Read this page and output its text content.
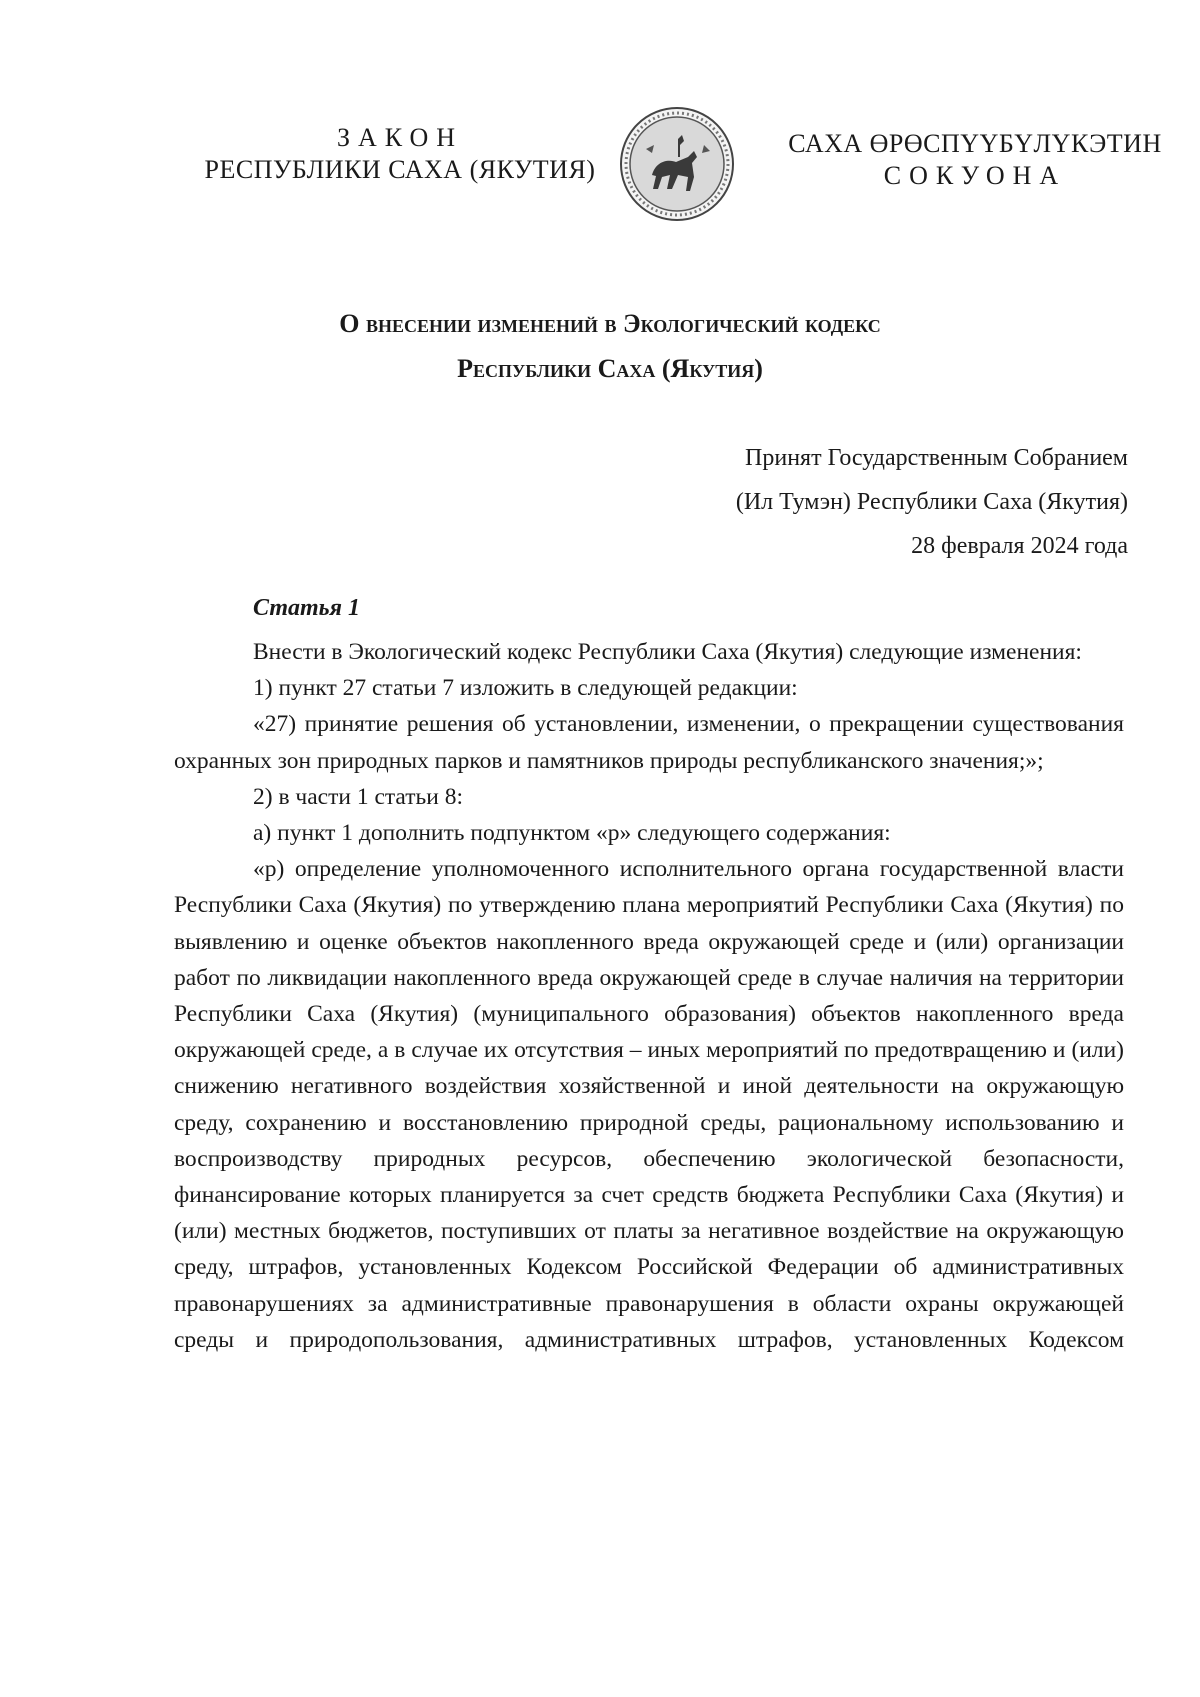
ЗАКОН
РЕСПУБЛИКИ САХА (ЯКУТИЯ)
САХА ӨРӨСПҮҮБҮЛҮКЭТИН
СОКУОНА
О внесении изменений в Экологический кодекс
Республики Саха (Якутия)
Принят Государственным Собранием
(Ил Тумэн) Республики Саха (Якутия)
28 февраля 2024 года
Статья 1

Внести в Экологический кодекс Республики Саха (Якутия) следующие изменения:

1) пункт 27 статьи 7 изложить в следующей редакции:

«27) принятие решения об установлении, изменении, о прекращении существования охранных зон природных парков и памятников природы республиканского значения;»;

2) в части 1 статьи 8:

а) пункт 1 дополнить подпунктом «р» следующего содержания:

«р) определение уполномоченного исполнительного органа государственной власти Республики Саха (Якутия) по утверждению плана мероприятий Республики Саха (Якутия) по выявлению и оценке объектов накопленного вреда окружающей среде и (или) организации работ по ликвидации накопленного вреда окружающей среде в случае наличия на территории Республики Саха (Якутия) (муниципального образования) объектов накопленного вреда окружающей среде, а в случае их отсутствия – иных мероприятий по предотвращению и (или) снижению негативного воздействия хозяйственной и иной деятельности на окружающую среду, сохранению и восстановлению природной среды, рациональному использованию и воспроизводству природных ресурсов, обеспечению экологической безопасности, финансирование которых планируется за счет средств бюджета Республики Саха (Якутия) и (или) местных бюджетов, поступивших от платы за негативное воздействие на окружающую среду, штрафов, установленных Кодексом Российской Федерации об административных правонарушениях за административные правонарушения в области охраны окружающей среды и природопользования, административных штрафов, установленных Кодексом
